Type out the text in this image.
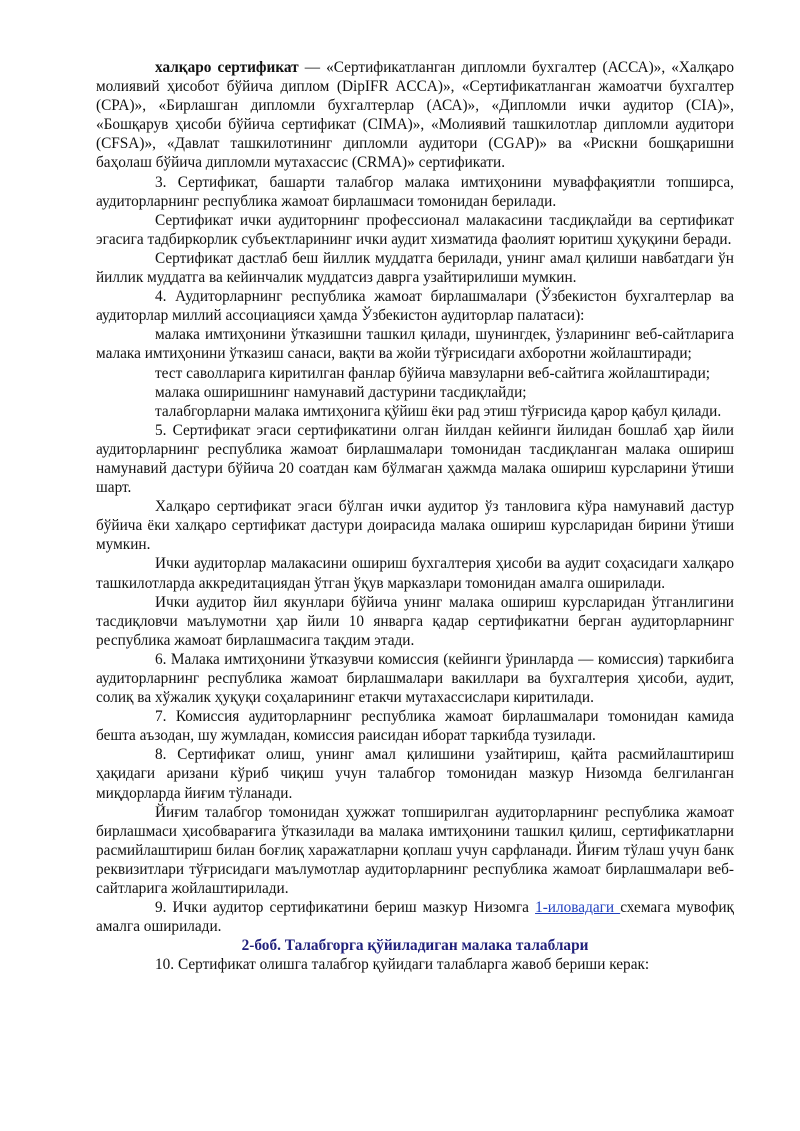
халқаро сертификат — «Сертификатланган дипломли бухгалтер (АССА)», «Халқаро молиявий ҳисобот бўйича диплом (DipIFR ACCA)», «Сертификатланган жамоатчи бухгалтер (CPA)», «Бирлашган дипломли бухгалтерлар (АСА)», «Дипломли ички аудитор (CIA)», «Бошқарув ҳисоби бўйича сертификат (CIMA)», «Молиявий ташкилотлар дипломли аудитори (CFSA)», «Давлат ташкилотининг дипломли аудитори (CGAP)» ва «Рискни бошқаришни баҳолаш бўйича дипломли мутахассис (CRMA)» сертификати.

3. Сертификат, башарти талабгор малака имтиҳонини муваффақиятли топширса, аудиторларнинг республика жамоат бирлашмаси томонидан берилади.

Сертификат ички аудиторнинг профессионал малакасини тасдиқлайди ва сертификат эгасига тадбиркорлик субъектларининг ички аудит хизматида фаолият юритиш ҳуқуқини беради.

Сертификат дастлаб беш йиллик муддатга берилади, унинг амал қилиши навбатдаги ўн йиллик муддатга ва кейинчалик муддатсиз даврга узайтирилиши мумкин.

4. Аудиторларнинг республика жамоат бирлашмалари (Ўзбекистон бухгалтерлар ва аудиторлар миллий ассоциацияси ҳамда Ўзбекистон аудиторлар палатаси):

малака имтиҳонини ўтказишни ташкил қилади, шунингдек, ўзларининг веб-сайтларига малака имтиҳонини ўтказиш санаси, вақти ва жойи тўғрисидаги ахборотни жойлаштиради;

тест саволларига киритилган фанлар бўйича мавзуларни веб-сайтига жойлаштиради;

малака оширишнинг намунавий дастурини тасдиқлайди;

талабгорларни малака имтиҳонига қўйиш ёки рад этиш тўғрисида қарор қабул қилади.

5. Сертификат эгаси сертификатини олган йилдан кейинги йилидан бошлаб ҳар йили аудиторларнинг республика жамоат бирлашмалари томонидан тасдиқланган малака ошириш намунавий дастури бўйича 20 соатдан кам бўлмаган ҳажмда малака ошириш курсларини ўтиши шарт.

Халқаро сертификат эгаси бўлган ички аудитор ўз танловига кўра намунавий дастур бўйича ёки халқаро сертификат дастури доирасида малака ошириш курсларидан бирини ўтиши мумкин.

Ички аудиторлар малакасини ошириш бухгалтерия ҳисоби ва аудит соҳасидаги халқаро ташкилотларда аккредитациядан ўтган ўқув марказлари томонидан амалга оширилади.

Ички аудитор йил якунлари бўйича унинг малака ошириш курсларидан ўтганлигини тасдиқловчи маълумотни ҳар йили 10 январга қадар сертификатни берган аудиторларнинг республика жамоат бирлашмасига тақдим этади.

6. Малака имтиҳонини ўтказувчи комиссия (кейинги ўринларда — комиссия) таркибига аудиторларнинг республика жамоат бирлашмалари вакиллари ва бухгалтерия ҳисоби, аудит, солиқ ва хўжалик ҳуқуқи соҳаларининг етакчи мутахассислари киритилади.

7. Комиссия аудиторларнинг республика жамоат бирлашмалари томонидан камида бешта аъзодан, шу жумладан, комиссия раисидан иборат таркибда тузилади.

8. Сертификат олиш, унинг амал қилишини узайтириш, қайта расмийлаштириш ҳақидаги аризани кўриб чиқиш учун талабгор томонидан мазкур Низомда белгиланган миқдорларда йиғим тўланади.

Йиғим талабгор томонидан ҳужжат топширилган аудиторларнинг республика жамоат бирлашмаси ҳисобварағига ўтказилади ва малака имтиҳонини ташкил қилиш, сертификатларни расмийлаштириш билан боғлиқ харажатларни қоплаш учун сарфланади. Йиғим тўлаш учун банк реквизитлари тўғрисидаги маълумотлар аудиторларнинг республика жамоат бирлашмалари веб-сайтларига жойлаштирилади.

9. Ички аудитор сертификатини бериш мазкур Низомга 1-иловадаги схемага мувофиқ амалга оширилади.

2-боб. Талабгорга қўйиладиган малака талаблари

10. Сертификат олишга талабгор қуйидаги талабларга жавоб бериши керак:
